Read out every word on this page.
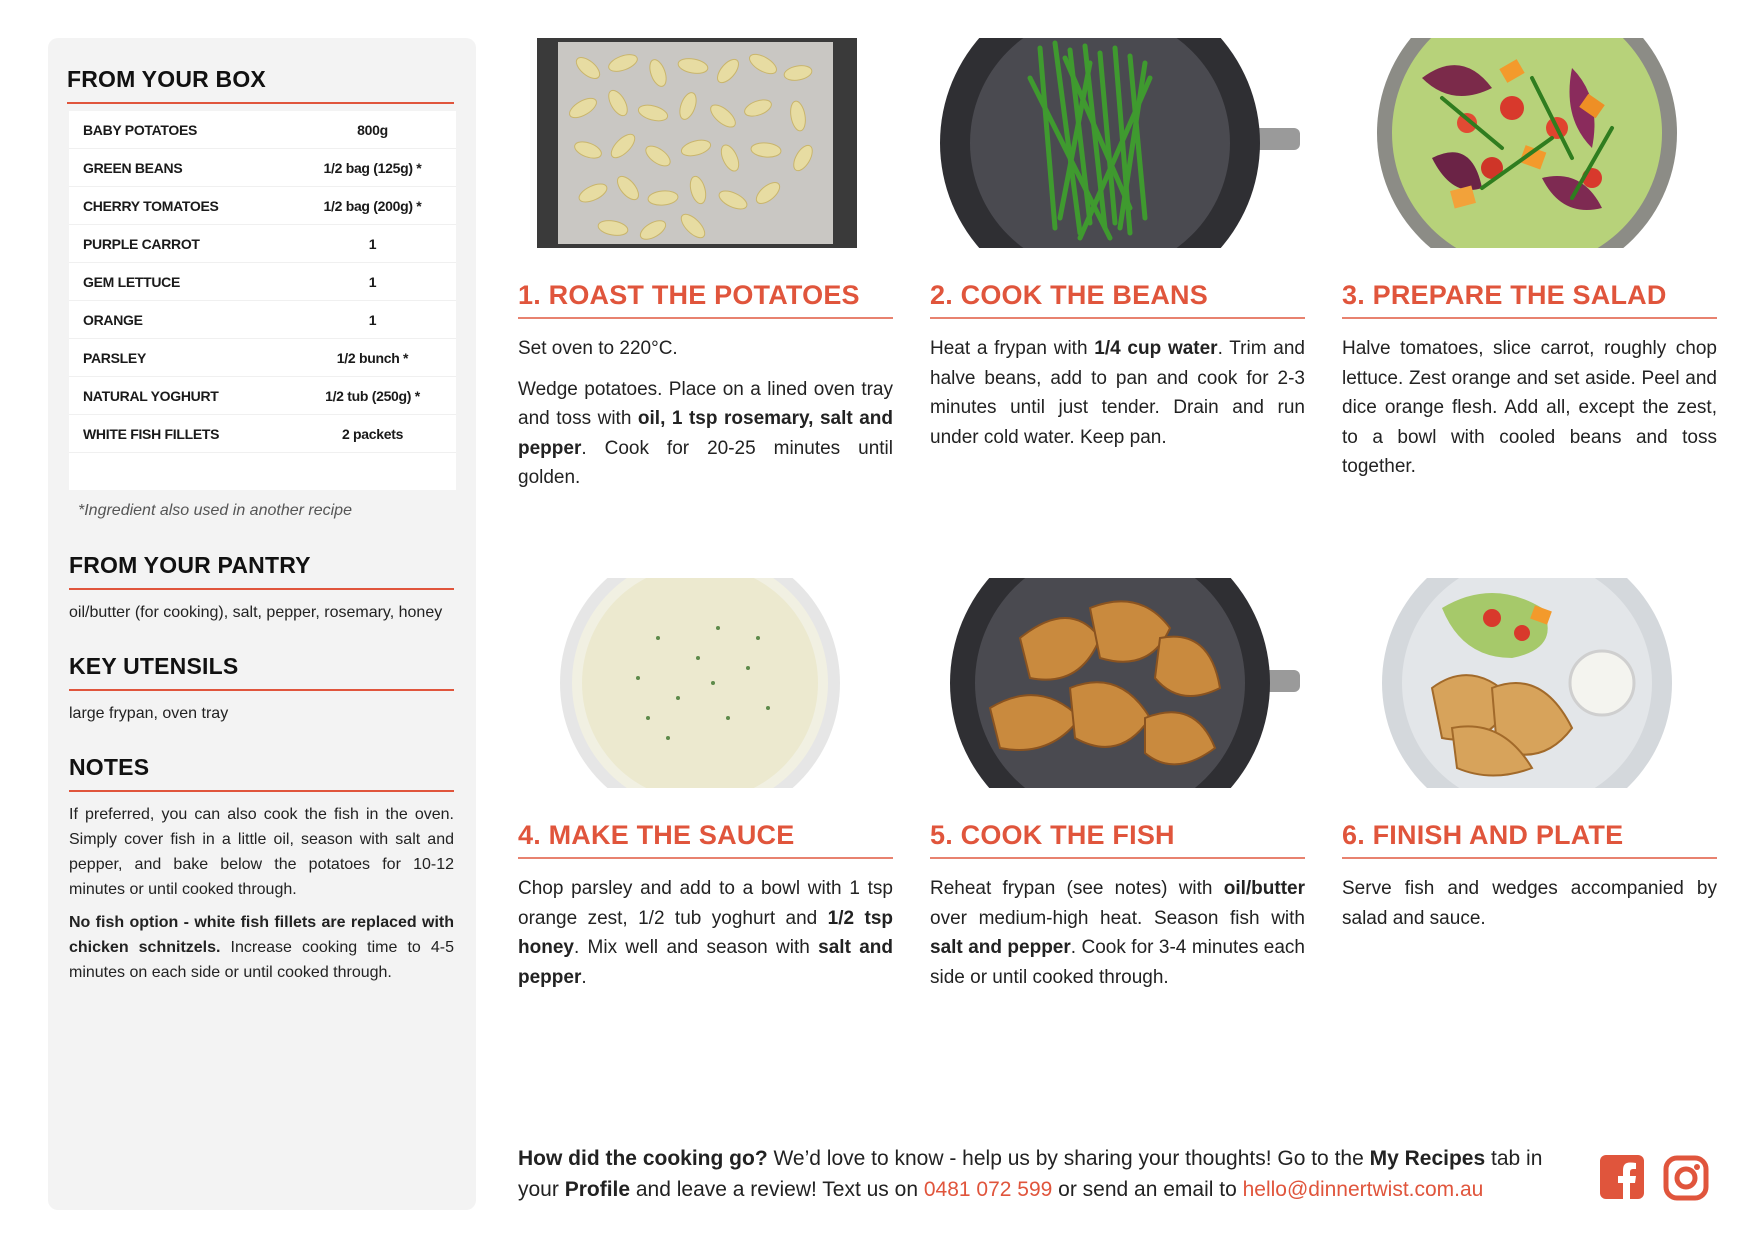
FROM YOUR BOX
BABY POTATOES	800g
GREEN BEANS	1/2 bag (125g) *
CHERRY TOMATOES	1/2 bag (200g) *
PURPLE CARROT	1
GEM LETTUCE	1
ORANGE	1
PARSLEY	1/2 bunch *
NATURAL YOGHURT	1/2 tub (250g) *
WHITE FISH FILLETS	2 packets
*Ingredient also used in another recipe
FROM YOUR PANTRY

oil/butter (for cooking), salt, pepper, rosemary, honey

KEY UTENSILS

large frypan, oven tray

NOTES

If preferred, you can also cook the fish in the oven. Simply cover fish in a little oil, season with salt and pepper, and bake below the potatoes for 10-12 minutes or until cooked through.

No fish option - white fish fillets are replaced with chicken schnitzels. Increase cooking time to 4-5 minutes on each side or until cooked through.

1. ROAST THE POTATOES

Set oven to 220°C.

Wedge potatoes. Place on a lined oven tray and toss with oil, 1 tsp rosemary, salt and pepper. Cook for 20-25 minutes until golden.

2. COOK THE BEANS

Heat a frypan with 1/4 cup water. Trim and halve beans, add to pan and cook for 2-3 minutes until just tender. Drain and run under cold water. Keep pan.

3. PREPARE THE SALAD

Halve tomatoes, slice carrot, roughly chop lettuce. Zest orange and set aside. Peel and dice orange flesh. Add all, except the zest, to a bowl with cooled beans and toss together.

4. MAKE THE SAUCE

Chop parsley and add to a bowl with 1 tsp orange zest, 1/2 tub yoghurt and 1/2 tsp honey. Mix well and season with salt and pepper.

5. COOK THE FISH

Reheat frypan (see notes) with oil/butter over medium-high heat. Season fish with salt and pepper. Cook for 3-4 minutes each side or until cooked through.

6. FINISH AND PLATE

Serve fish and wedges accompanied by salad and sauce.

How did the cooking go? We’d love to know - help us by sharing your thoughts! Go to the My Recipes tab in your Profile and leave a review! Text us on 0481 072 599 or send an email to hello@dinnertwist.com.au
